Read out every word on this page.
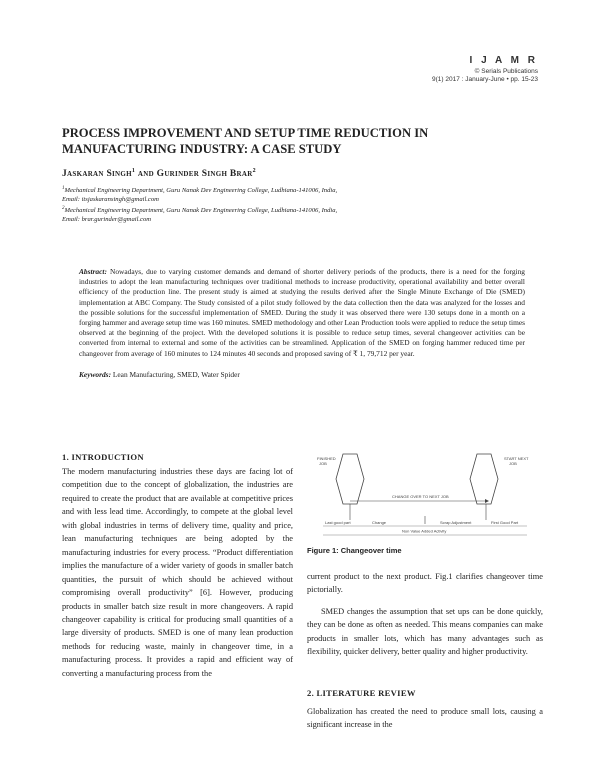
I J A M R
© Serials Publications
9(1) 2017 : January-June • pp. 15-23
PROCESS IMPROVEMENT AND SETUP TIME REDUCTION IN MANUFACTURING INDUSTRY: A CASE STUDY
Jaskaran Singh$^1$ and Gurinder Singh Brar$^2$
$^1$Mechanical Engineering Department, Guru Nanak Dev Engineering College, Ludhiana-141006, India,
Email: itsjaskaransingh@gmail.com
$^2$Mechanical Engineering Department, Guru Nanak Dev Engineering College, Ludhiana-141006, India,
Email: brar.gurinder@gmail.com

Abstract: Nowadays, due to varying customer demands and demand of shorter delivery periods of the products, there is a need for the forging industries to adopt the lean manufacturing techniques over traditional methods to increase productivity, operational availability and better overall efficiency of the production line. The present study is aimed at studying the results derived after the Single Minute Exchange of Die (SMED) implementation at ABC Company. The Study consisted of a pilot study followed by the data collection then the data was analyzed for the losses and the possible solutions for the successful implementation of SMED. During the study it was observed there were 130 setups done in a month on a forging hammer and average setup time was 160 minutes. SMED methodology and other Lean Production tools were applied to reduce the setup times observed at the beginning of the project. With the developed solutions it is possible to reduce setup times, several changeover activities can be converted from internal to external and some of the activities can be streamlined. Application of the SMED on forging hammer reduced time per changeover from average of 160 minutes to 124 minutes 40 seconds and proposed saving of ₹ 1, 79,712 per year.

Keywords: Lean Manufacturing, SMED, Water Spider
1. INTRODUCTION

The modern manufacturing industries these days are facing lot of competition due to the concept of globalization, the industries are required to create the product that are available at competitive prices and with less lead time. Accordingly, to compete at the global level with global industries in terms of delivery time, quality and price, lean manufacturing techniques are being adopted by the manufacturing industries for every process. “Product differentiation implies the manufacture of a wider variety of goods in smaller batch quantities, the pursuit of which should be achieved without compromising overall productivity” [6]. However, producing products in smaller batch size result in more changeovers. A rapid changeover capability is critical for producing small quantities of a large diversity of products. SMED is one of many lean production methods for reducing waste, mainly in changeover time, in a manufacturing process. It provides a rapid and efficient way of converting a manufacturing process from the

FINISHED
JOB
START NEXT
JOB
CHANGE OVER TO NEXT JOB
Last good part	Change	Scrap Adjustment	First Good Part
Non Value Added Activity
Figure 1: Changeover time

current product to the next product. Fig.1 clarifies changeover time pictorially.

SMED changes the assumption that set ups can be done quickly, they can be done as often as needed. This means companies can make products in smaller lots, which has many advantages such as flexibility, quicker delivery, better quality and higher productivity.

2. LITERATURE REVIEW

Globalization has created the need to produce small lots, causing a significant increase in the
